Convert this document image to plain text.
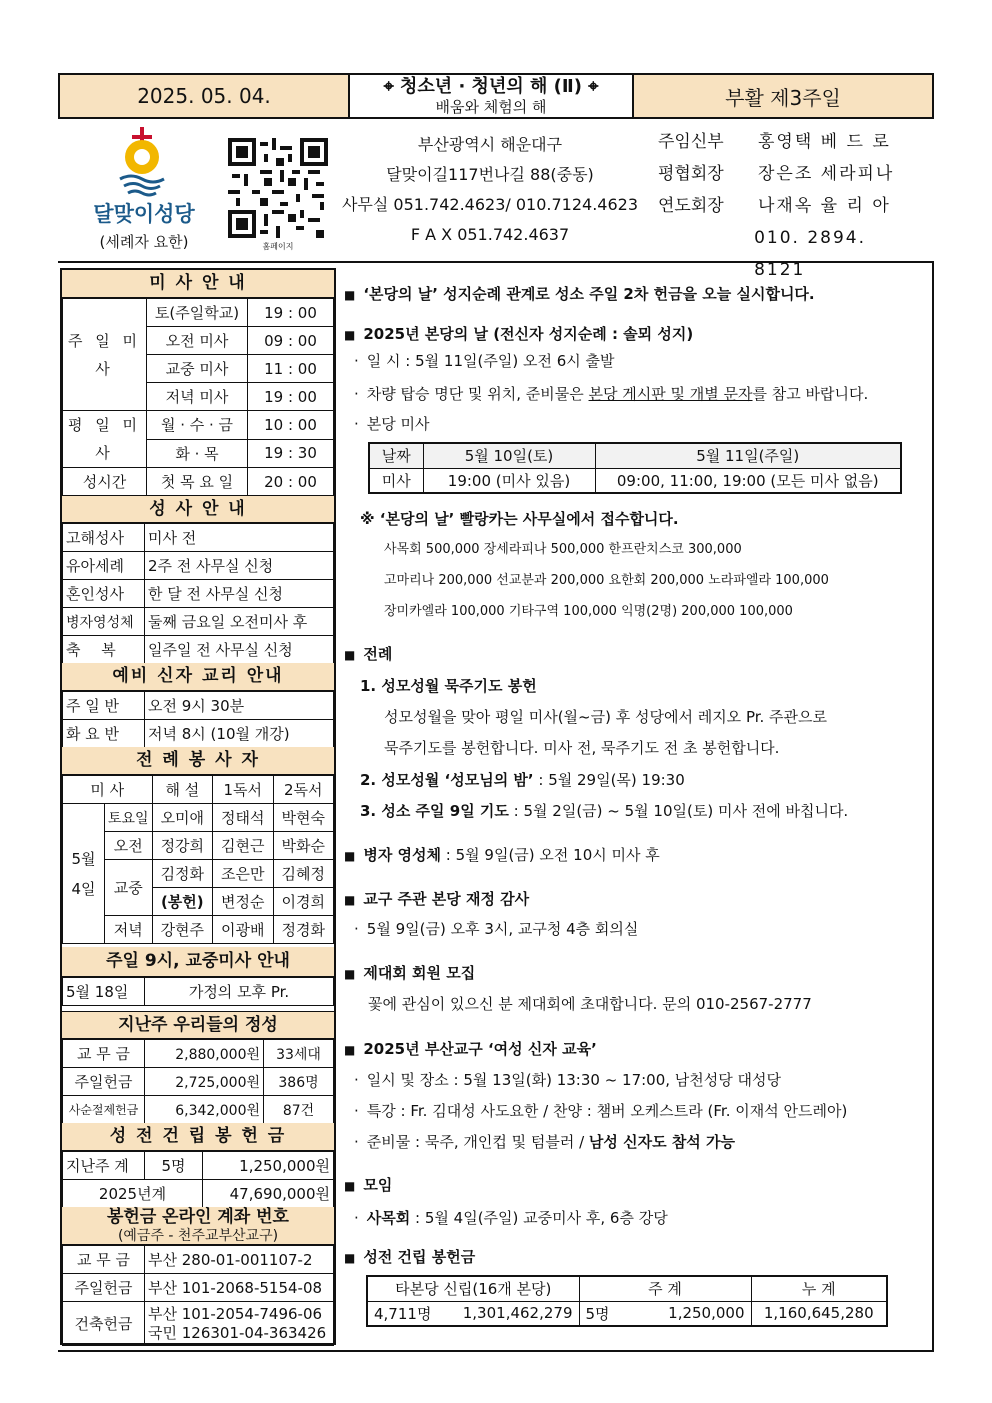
2025. 05. 04.	⌖ 청소년 · 청년의 해 (Ⅱ) ⌖
배움와 체험의 해	부활 제3주일
달맞이성당
(세례자 요한)	홈페이지
부산광역시 해운대구
달맞이길117번나길 88(중동)
사무실 051.742.4623/ 010.7124.4623
F A X 051.742.4637
주임신부	홍영택 베 드 로
평협회장	장은조 세라피나
연도회장	나재옥 율 리 아
010. 2894. 8121
미 사 안 내
주 일 미 사	토(주일학교)	19 : 00
	오전 미사	09 : 00
	교중 미사	11 : 00
	저녁 미사	19 : 00
평 일 미 사	월 · 수 · 금	10 : 00
	화 · 목	19 : 30
성시간	첫 목 요 일	20 : 00
성 사 안 내
고해성사	미사 전
유아세례	2주 전 사무실 신청
혼인성사	한 달 전 사무실 신청
병자영성체	둘째 금요일 오전미사 후
축 복	일주일 전 사무실 신청
예비 신자 교리 안내
주 일 반	오전 9시 30분
화 요 반	저녁 8시 (10월 개강)
전 례 봉 사 자
미 사		해 설	1독서	2독서
5월 4일	토요일	오미애	정태석	박현숙
	오전	정강희	김현근	박화순
	교중	김정화	조은만	김혜정
		(봉헌)	변정순	이경희
	저녁	강현주	이광배	정경화
주일 9시, 교중미사 안내
5월 18일	가정의 모후 Pr.
지난주 우리들의 정성
교 무 금	2,880,000원	33세대
주일헌금	2,725,000원	386명
사순절제헌금	6,342,000원	87건
성 전 건 립 봉 헌 금
지난주 계	5명	1,250,000원
2025년계		47,690,000원
봉헌금 온라인 계좌 번호
(예금주 - 천주교부산교구)
교 무 금	부산 280-01-001107-2
주일헌금	부산 101-2068-5154-08
건축헌금	부산 101-2054-7496-06
국민 126301-04-363426
■ ‘본당의 날’ 성지순례 관계로 성소 주일 2차 헌금을 오늘 실시합니다.
■ 2025년 본당의 날 (전신자 성지순례 : 솔뫼 성지)
· 일 시 : 5월 11일(주일) 오전 6시 출발
· 차량 탑승 명단 및 위치, 준비물은 본당 게시판 및 개별 문자를 참고 바랍니다.
· 본당 미사
날짜	5월 10일(토)	5월 11일(주일)
미사	19:00 (미사 있음)	09:00, 11:00, 19:00 (모든 미사 없음)
※ ‘본당의 날’ 빨랑카는 사무실에서 접수합니다.
사목회 500,000 장세라피나 500,000 한프란치스코 300,000
고마리나 200,000 선교분과 200,000 요한회 200,000 노라파엘라 100,000
장미카엘라 100,000 기타구역 100,000 익명(2명) 200,000 100,000
■ 전례
1. 성모성월 묵주기도 봉헌
성모성월을 맞아 평일 미사(월~금) 후 성당에서 레지오 Pr. 주관으로
묵주기도를 봉헌합니다. 미사 전, 묵주기도 전 초 봉헌합니다.
2. 성모성월 ‘성모님의 밤’ : 5월 29일(목) 19:30
3. 성소 주일 9일 기도 : 5월 2일(금) ~ 5월 10일(토) 미사 전에 바칩니다.
■ 병자 영성체 : 5월 9일(금) 오전 10시 미사 후
■ 교구 주관 본당 재정 감사
· 5월 9일(금) 오후 3시, 교구청 4층 회의실
■ 제대회 회원 모집
꽃에 관심이 있으신 분 제대회에 초대합니다. 문의 010-2567-2777
■ 2025년 부산교구 ‘여성 신자 교육’
· 일시 및 장소 : 5월 13일(화) 13:30 ~ 17:00, 남천성당 대성당
· 특강 : Fr. 김대성 사도요한 / 찬양 : 챔버 오케스트라 (Fr. 이재석 안드레아)
· 준비물 : 묵주, 개인컵 및 텀블러 / 남성 신자도 참석 가능
■ 모임
· 사목회 : 5월 4일(주일) 교중미사 후, 6층 강당
■ 성전 건립 봉헌금
타본당 신립(16개 본당)		주 계		누 계
4,711명	1,301,462,279	5명	1,250,000	1,160,645,280
